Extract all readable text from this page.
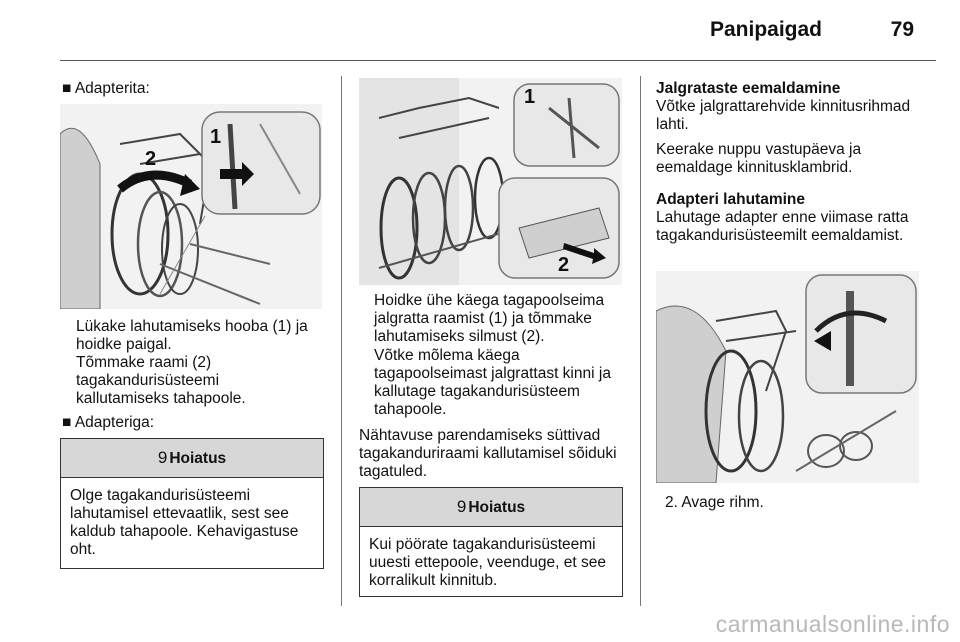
Panipaigad	79

■ Adapterita:

1
2

Lükake lahutamiseks hooba (1) ja hoidke paigal.

Tõmmake raami (2) tagakandurisüsteemi kallutamiseks tahapoole.

■ Adapteriga:

9 Hoiatus
Olge tagakandurisüsteemi lahutamisel ettevaatlik, sest see kaldub tahapoole. Kehavigastuse oht.
1
2

Hoidke ühe käega tagapoolseima jalgratta raamist (1) ja tõmmake lahutamiseks silmust (2).

Võtke mõlema käega tagapoolseimast jalgrattast kinni ja kallutage tagakandurisüsteem tahapoole.

Nähtavuse parendamiseks süttivad tagakanduriraami kallutamisel sõiduki tagatuled.

9 Hoiatus
Kui pöörate tagakandurisüsteemi uuesti ettepoole, veenduge, et see korralikult kinnitub.

Jalgrataste eemaldamine

Võtke jalgrattarehvide kinnitusrihmad lahti.

Keerake nuppu vastupäeva ja eemaldage kinnitusklambrid.

Adapteri lahutamine

Lahutage adapter enne viimase ratta tagakandurisüsteemilt eemaldamist.

2. Avage rihm.

carmanualsonline.info
